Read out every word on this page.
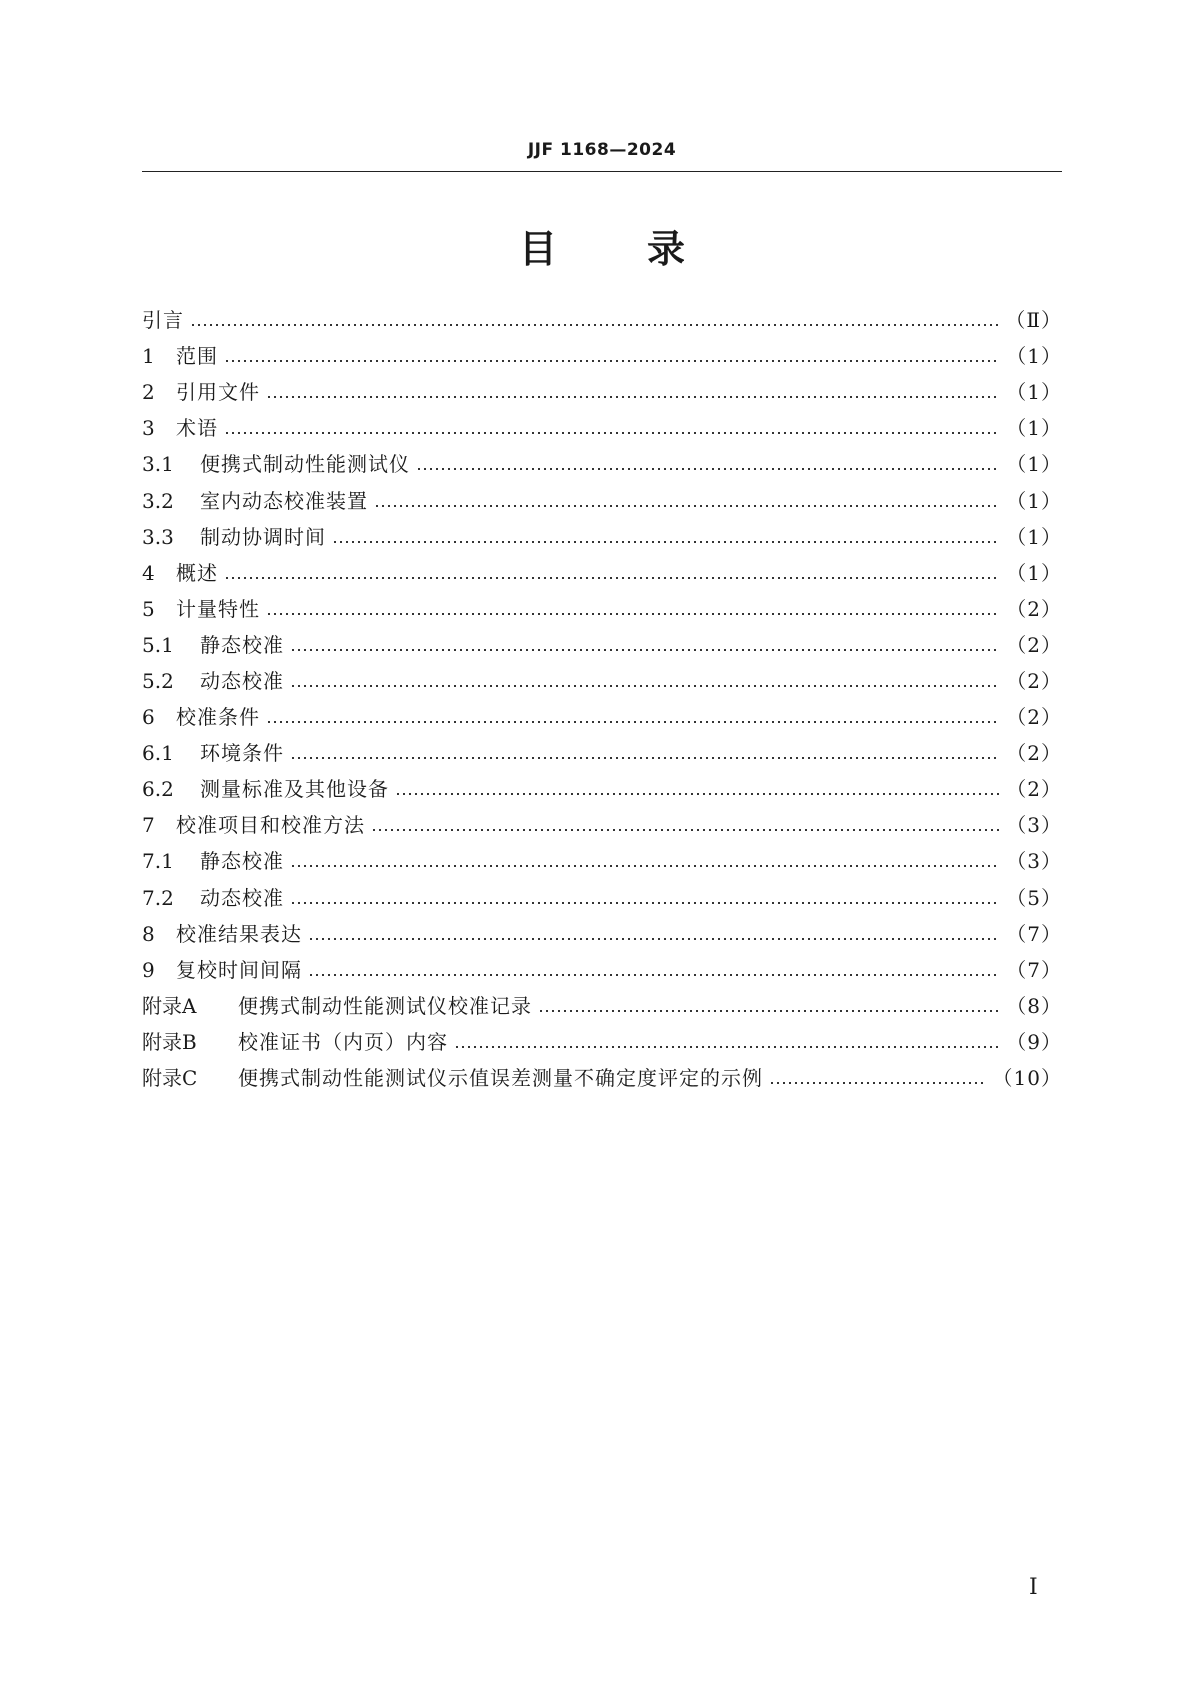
JJF 1168—2024
目录
引言	（Ⅱ）
1	范围	（1）
2	引用文件	（1）
3	术语	（1）
3.1	便携式制动性能测试仪	（1）
3.2	室内动态校准装置	（1）
3.3	制动协调时间	（1）
4	概述	（1）
5	计量特性	（2）
5.1	静态校准	（2）
5.2	动态校准	（2）
6	校准条件	（2）
6.1	环境条件	（2）
6.2	测量标准及其他设备	（2）
7	校准项目和校准方法	（3）
7.1	静态校准	（3）
7.2	动态校准	（5）
8	校准结果表达	（7）
9	复校时间间隔	（7）
附录A	便携式制动性能测试仪校准记录	（8）
附录B	校准证书（内页）内容	（9）
附录C	便携式制动性能测试仪示值误差测量不确定度评定的示例	（10）
Ⅰ
